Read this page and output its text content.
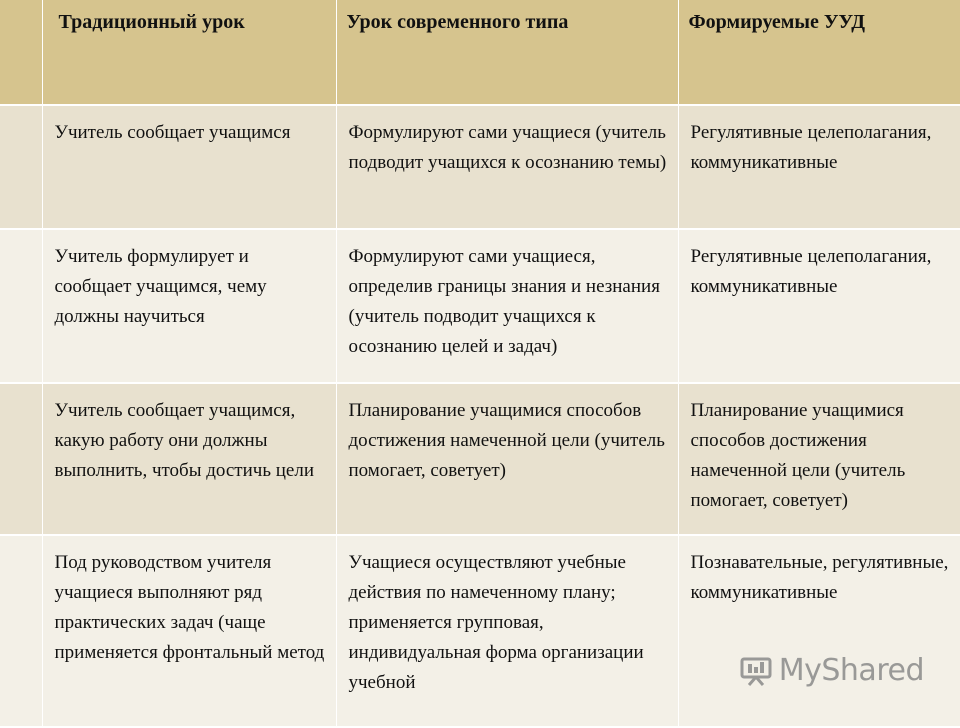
	Традиционный урок	Урок современного типа	Формируемые УУД

	Учитель сообщает учащимся	Формулируют сами учащиеся (учитель подводит учащихся к осознанию темы)	Регулятивные целеполагания, коммуникативные

	Учитель формулирует и сообщает учащимся, чему должны научиться	Формулируют сами учащиеся, определив границы знания и незнания (учитель подводит учащихся к осознанию целей и задач)	Регулятивные целеполагания, коммуникативные

	Учитель сообщает учащимся, какую работу они должны выполнить, чтобы достичь цели	Планирование учащимися способов достижения намеченной цели (учитель помогает, советует)	Планирование учащимися способов достижения намеченной цели (учитель помогает, советует)

	Под руководством учителя учащиеся выполняют ряд практических задач (чаще применяется фронтальный метод	Учащиеся осуществляют учебные действия по намеченному плану; применяется групповая, индивидуальная форма организации учебной	Познавательные, регулятивные, коммуникативные
MyShared
